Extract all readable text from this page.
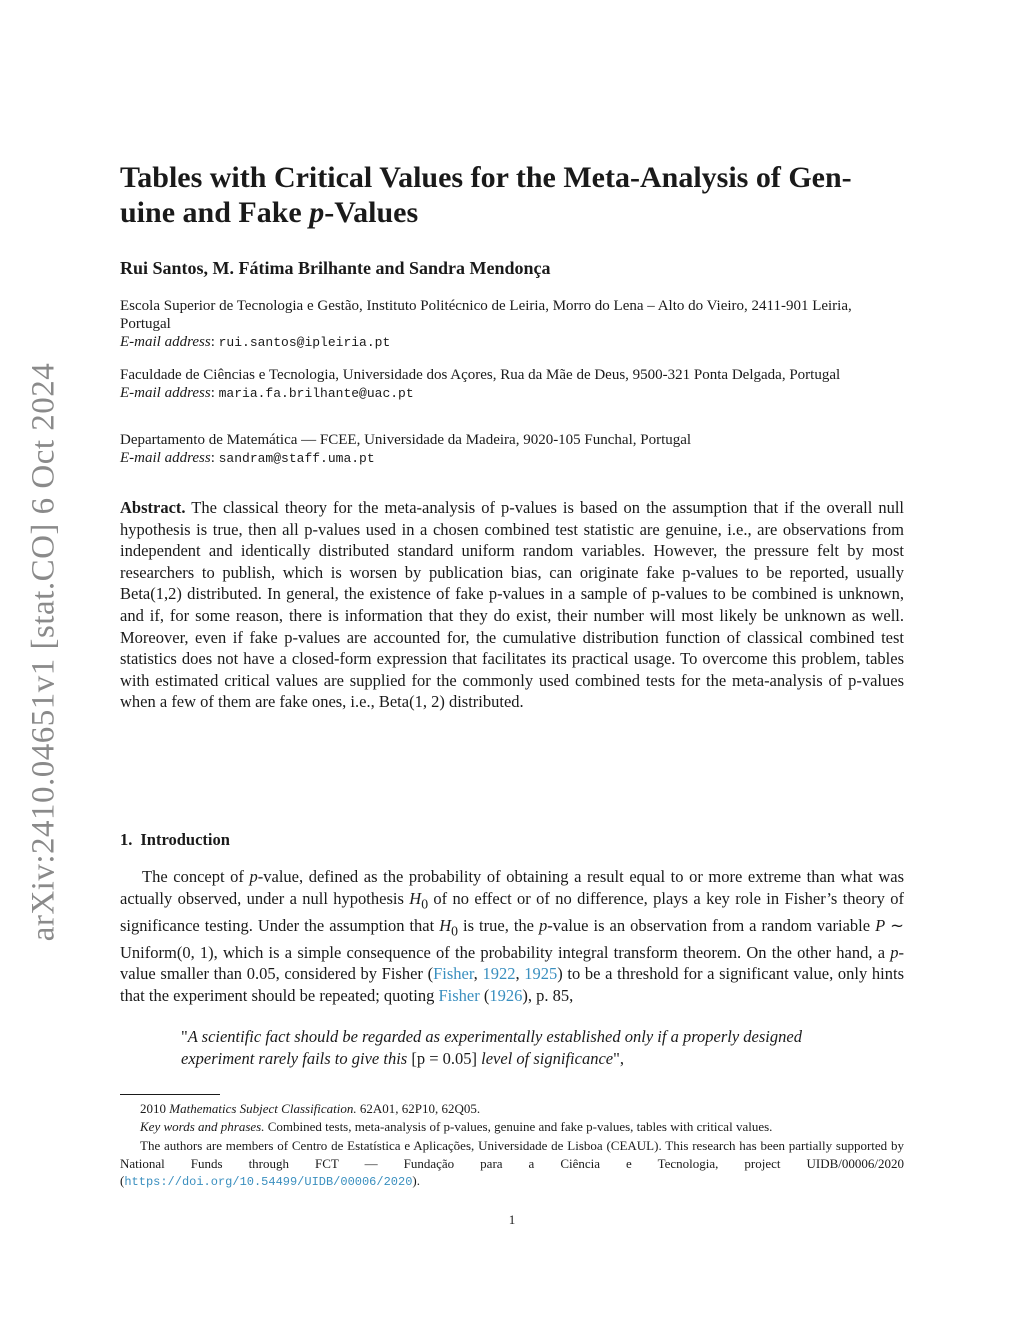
arXiv:2410.04651v1 [stat.CO] 6 Oct 2024
Tables with Critical Values for the Meta-Analysis of Gen-
uine and Fake p-Values

Rui Santos, M. Fátima Brilhante and Sandra Mendonça

Escola Superior de Tecnologia e Gestão, Instituto Politécnico de Leiria, Morro do Lena – Alto do Vieiro, 2411-901 Leiria, Portugal

E-mail address: rui.santos@ipleiria.pt

Faculdade de Ciências e Tecnologia, Universidade dos Açores, Rua da Mãe de Deus, 9500-321 Ponta Delgada, Portugal

E-mail address: maria.fa.brilhante@uac.pt

Departamento de Matemática — FCEE, Universidade da Madeira, 9020-105 Funchal, Portugal

E-mail address: sandram@staff.uma.pt

Abstract. The classical theory for the meta-analysis of p-values is based on the assumption that if the overall null hypothesis is true, then all p-values used in a chosen combined test statistic are genuine, i.e., are observations from independent and identically distributed standard uniform random variables. However, the pressure felt by most researchers to publish, which is worsen by publication bias, can originate fake p-values to be reported, usually Beta(1,2) distributed. In general, the existence of fake p-values in a sample of p-values to be combined is unknown, and if, for some reason, there is information that they do exist, their number will most likely be unknown as well. Moreover, even if fake p-values are accounted for, the cumulative distribution function of classical combined test statistics does not have a closed-form expression that facilitates its practical usage. To overcome this problem, tables with estimated critical values are supplied for the commonly used combined tests for the meta-analysis of p-values when a few of them are fake ones, i.e., Beta(1, 2) distributed.

1. Introduction

The concept of p-value, defined as the probability of obtaining a result equal to or more extreme than what was actually observed, under a null hypothesis $H_0$ of no effect or of no difference, plays a key role in Fisher’s theory of significance testing. Under the assumption that $H_0$ is true, the p-value is an observation from a random variable P ∼ Uniform(0, 1), which is a simple consequence of the probability integral transform theorem. On the other hand, a p-value smaller than 0.05, considered by Fisher (Fisher, 1922, 1925) to be a threshold for a significant value, only hints that the experiment should be repeated; quoting Fisher (1926), p. 85,

"A scientific fact should be regarded as experimentally established only if a properly designed experiment rarely fails to give this [p = 0.05] level of significance",

2010 Mathematics Subject Classification. 62A01, 62P10, 62Q05.

Key words and phrases. Combined tests, meta-analysis of p-values, genuine and fake p-values, tables with critical values.

The authors are members of Centro de Estatística e Aplicações, Universidade de Lisboa (CEAUL). This research has been partially supported by National Funds through FCT — Fundação para a Ciência e Tecnologia, project UIDB/00006/2020 (https://doi.org/10.54499/UIDB/00006/2020).

1
